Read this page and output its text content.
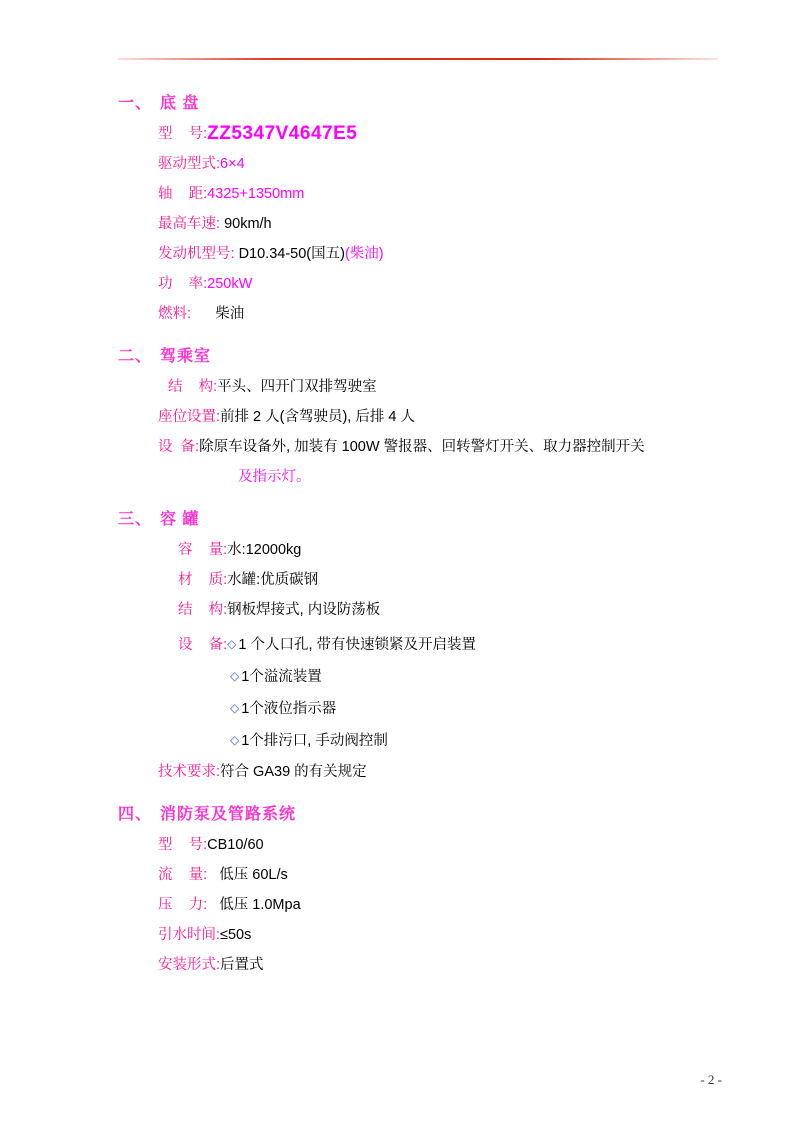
一、 底 盘
型    号: ZZ5347V4647E5
驱动型式: 6×4
轴    距: 4325+1350mm
最高车速: 90km/h
发动机型号: D10.34-50(国五) (柴油)
功    率: 250kW
燃料: 柴油
二、 驾乘室
结    构: 平头、四开门双排驾驶室
座位设置: 前排 2 人(含驾驶员), 后排 4 人
设  备: 除原车设备外, 加装有 100W 警报器、回转警灯开关、取力器控制开关
及指示灯。
三、 容 罐
容    量: 水:12000kg
材    质: 水罐:优质碳钢
结    构: 钢板焊接式, 内设防荡板
设    备: ◇ 1 个人口孔, 带有快速锁紧及开启装置
◇ 1个溢流装置
◇ 1个液位指示器
◇ 1个排污口, 手动阀控制
技术要求: 符合 GA39 的有关规定
四、 消防泵及管路系统
型    号: CB10/60
流    量: 低压 60L/s
压    力: 低压 1.0Mpa
引水时间: ≤50s
安装形式: 后置式
- 2 -
